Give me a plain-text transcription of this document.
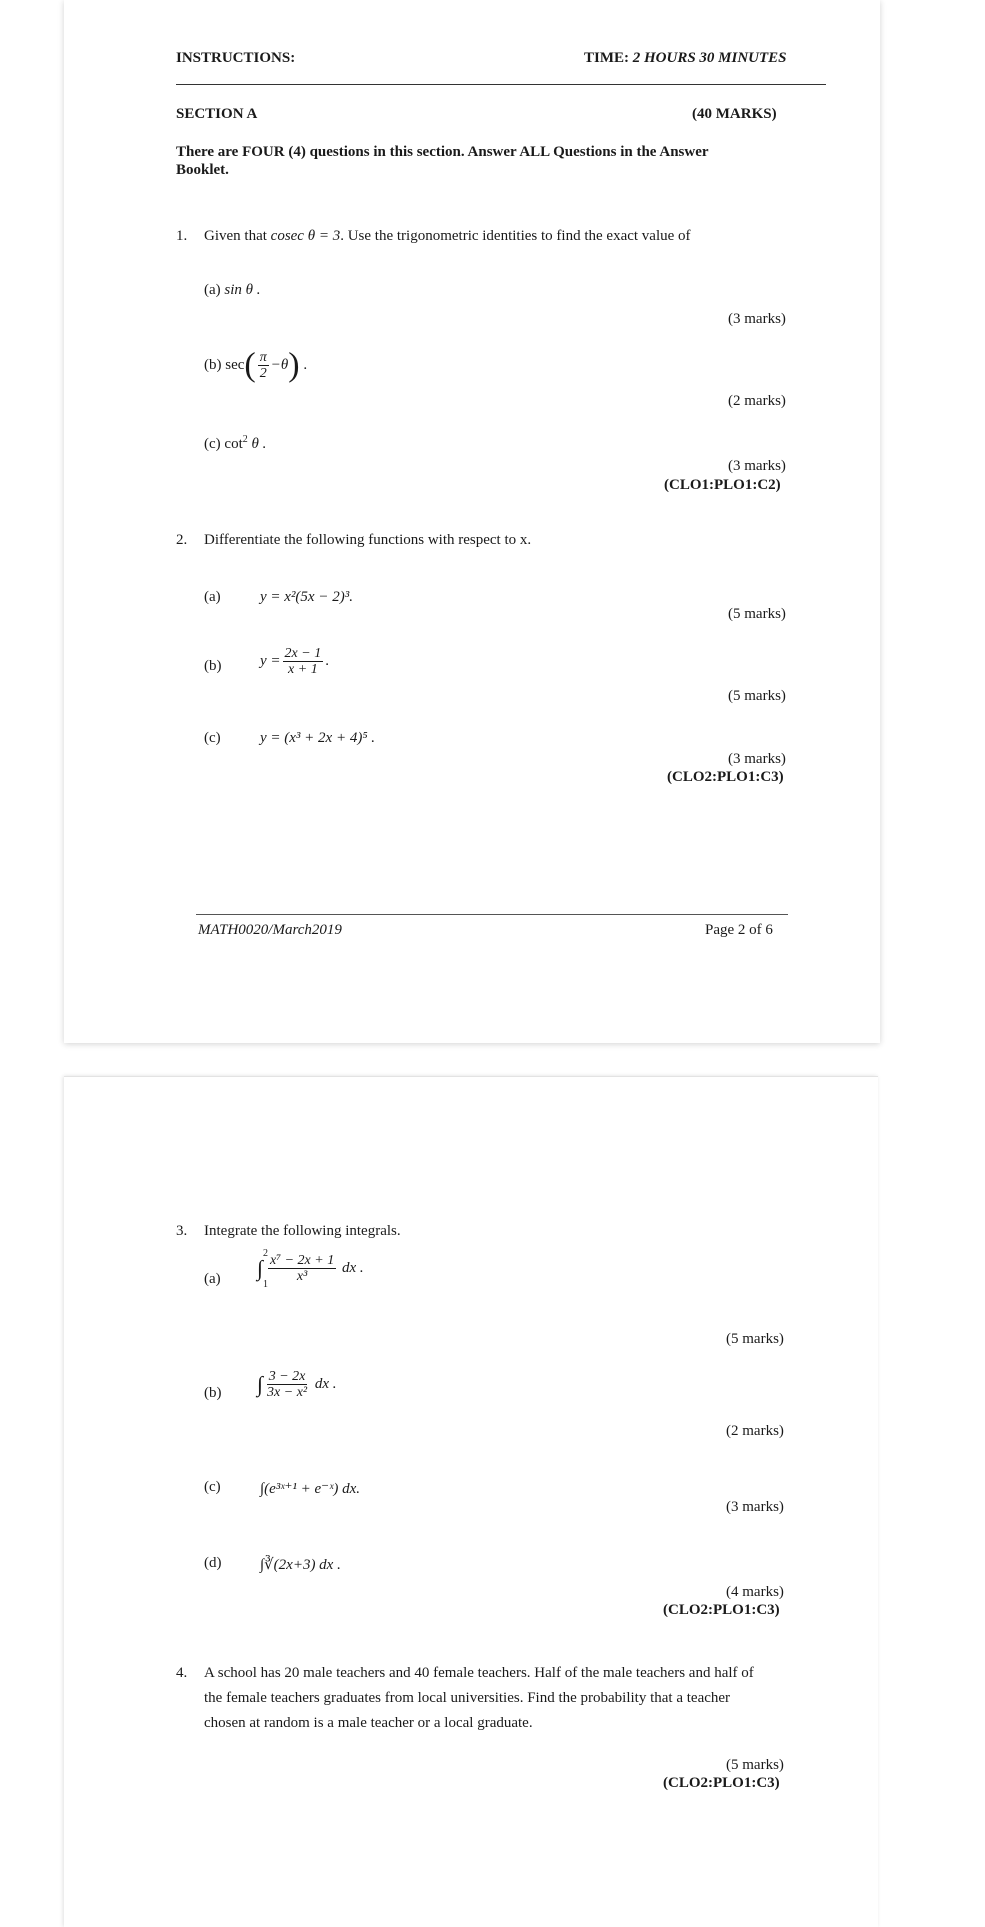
INSTRUCTIONS:	TIME: 2 HOURS 30 MINUTES
SECTION A	(40 MARKS)
There are FOUR (4) questions in this section. Answer ALL Questions in the Answer
Booklet.
1. Given that cosec θ = 3. Use the trigonometric identities to find the exact value of
(a) sin θ .
(3 marks)
(b) $\sec( \frac{\pi}{2} -\theta)$ .
(2 marks)
(c) $\cot^2 \theta$ .
(3 marks)
(CLO1:PLO1:C2)
2. Differentiate the following functions with respect to x.
(a)	y = x²(5x − 2)³.
(5 marks)
(b)	$y = \frac{2x - 1}{x + 1}$ .
(5 marks)
(c)	y = (x³ + 2x + 4)⁵ .
(3 marks)
(CLO2:PLO1:C3)
MATH0020/March2019	Page 2 of 6
3. Integrate the following integrals.
(a) ∫
2
$1 \frac{\text{x⁷ − 2x + 1}}{\text{x³}}$ dx .
(5 marks)
(b) ∫ $\frac{3 - 2x}{\text{3x − x²}}$ dx .
(2 marks)
(c)	∫(e³ˣ⁺¹ + e⁻ˣ) dx.
(3 marks)
(d)	∫∛(2x+3) dx .
(4 marks)
(CLO2:PLO1:C3)
4. A school has 20 male teachers and 40 female teachers. Half of the male teachers and half of
the female teachers graduates from local universities. Find the probability that a teacher
chosen at random is a male teacher or a local graduate.
(5 marks)
(CLO2:PLO1:C3)
